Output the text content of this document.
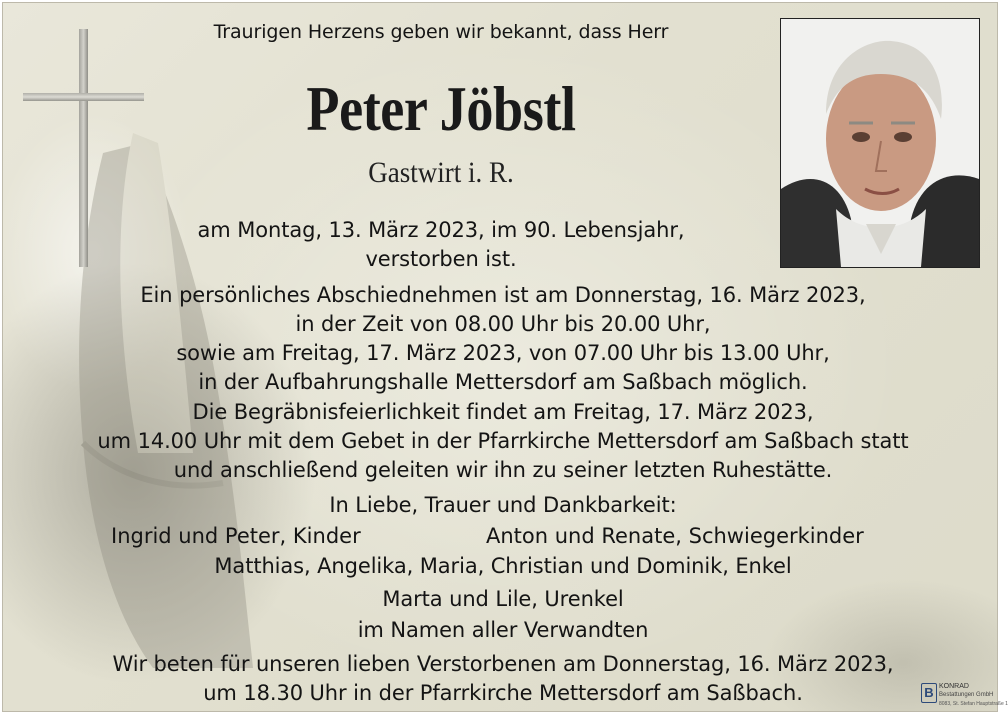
Traurigen Herzens geben wir bekannt, dass Herr
Peter Jöbstl
Gastwirt i. R.
am Montag, 13. März 2023, im 90. Lebensjahr,
verstorben ist.
Ein persönliches Abschiednehmen ist am Donnerstag, 16. März 2023,
in der Zeit von 08.00 Uhr bis 20.00 Uhr,
sowie am Freitag, 17. März 2023, von 07.00 Uhr bis 13.00 Uhr,
in der Aufbahrungshalle Mettersdorf am Saßbach möglich.
Die Begräbnisfeierlichkeit findet am Freitag, 17. März 2023,
um 14.00 Uhr mit dem Gebet in der Pfarrkirche Mettersdorf am Saßbach statt
und anschließend geleiten wir ihn zu seiner letzten Ruhestätte.
In Liebe, Trauer und Dankbarkeit:
Ingrid und Peter, Kinder	Anton und Renate, Schwiegerkinder
Matthias, Angelika, Maria, Christian und Dominik, Enkel
Marta und Lile, Urenkel
im Namen aller Verwandten
Wir beten für unseren lieben Verstorbenen am Donnerstag, 16. März 2023,
um 18.30 Uhr in der Pfarrkirche Mettersdorf am Saßbach.	B KONRAD
Bestattungen GmbH
8083, St. Stefan Hauptstraße 1
